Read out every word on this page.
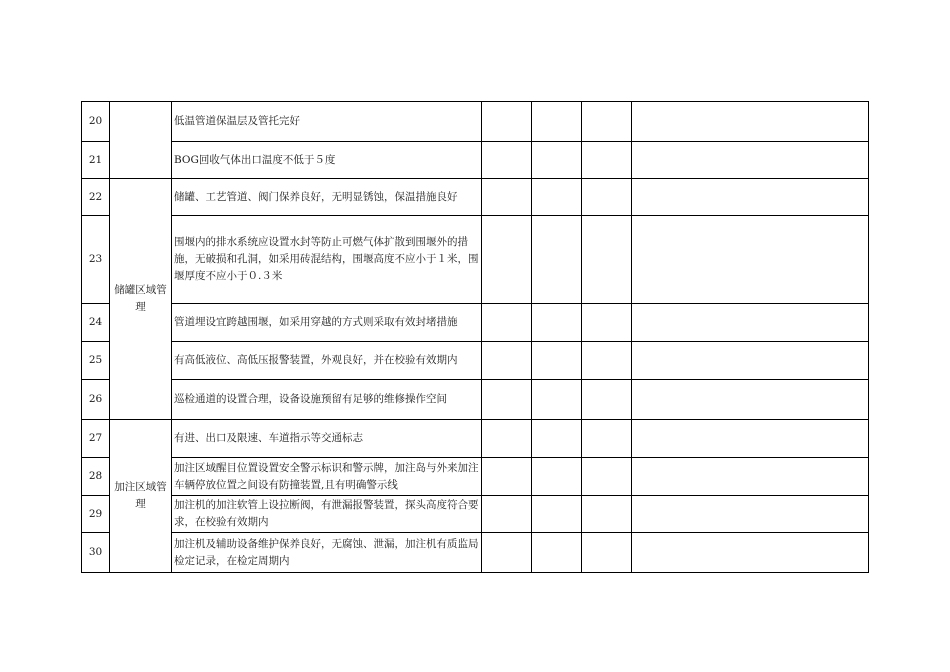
20		低温管道保温层及管托完好				
21		BOG回收气体出口温度不低于５度				
22	储罐区域管理	储罐、工艺管道、阀门保养良好，无明显锈蚀，保温措施良好				
23		围堰内的排水系统应设置水封等防止可燃气体扩散到围堰外的措施，无破损和孔洞，如采用砖混结构，围堰高度不应小于１米，围堰厚度不应小于０.３米				
24		管道埋设宜跨越围堰，如采用穿越的方式则采取有效封堵措施				
25		有高低液位、高低压报警装置，外观良好，并在校验有效期内				
26		巡检通道的设置合理，设备设施预留有足够的维修操作空间				
27	加注区域管理	有进、出口及限速、车道指示等交通标志				
28		加注区域醒目位置设置安全警示标识和警示牌，加注岛与外来加注车辆停放位置之间设有防撞装置,且有明确警示线				
29		加注机的加注软管上设拉断阀，有泄漏报警装置，探头高度符合要求，在校验有效期内				
30		加注机及辅助设备维护保养良好，无腐蚀、泄漏，加注机有质监局检定记录，在检定周期内				
